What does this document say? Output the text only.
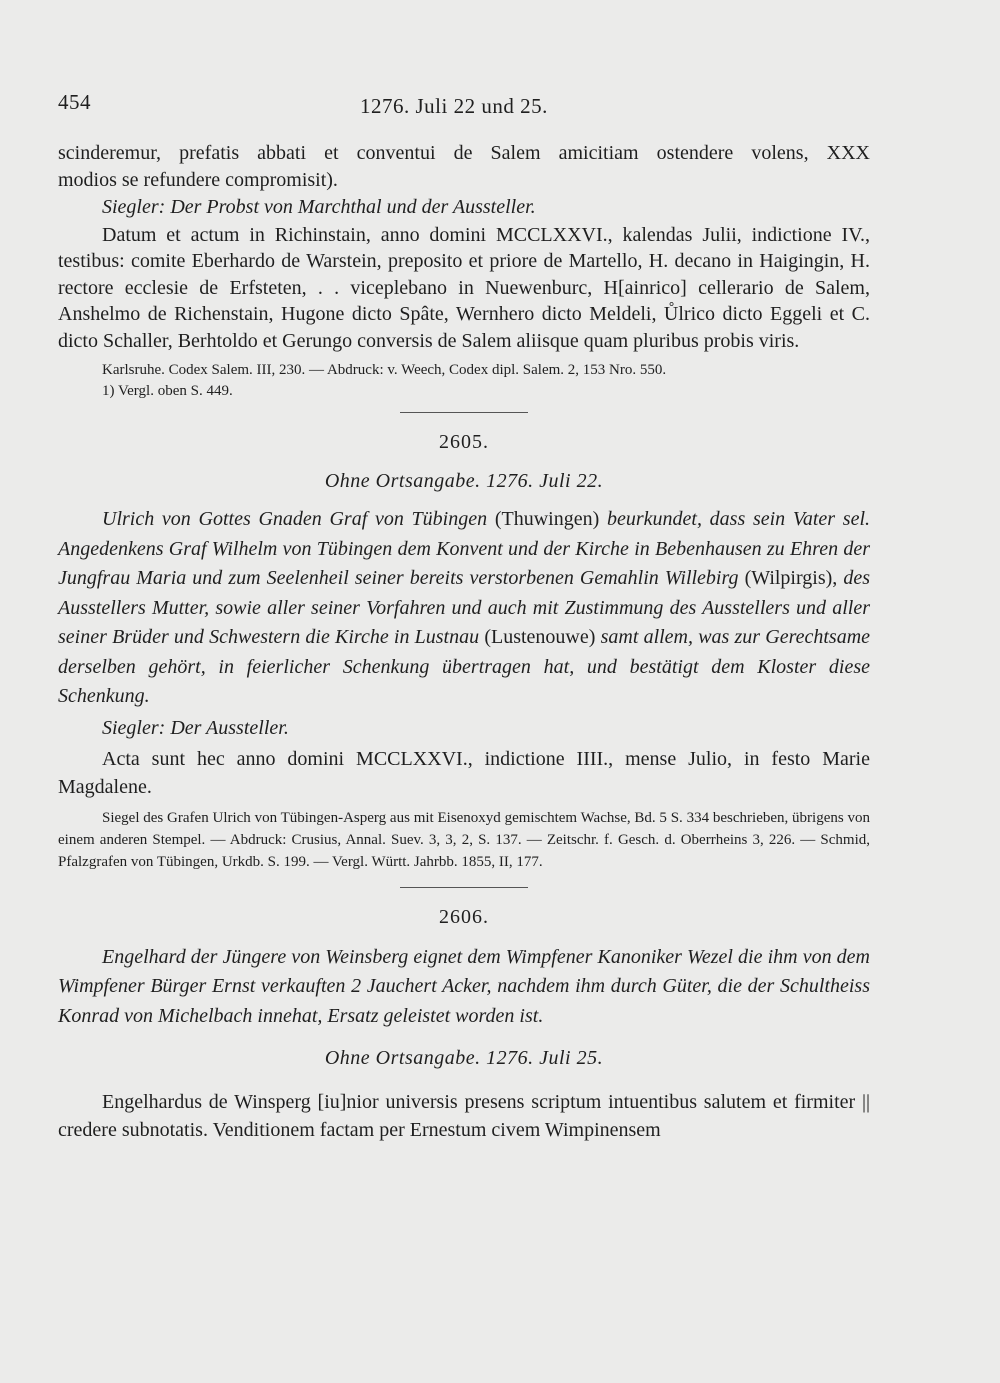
454	1276. Juli 22 und 25.

scinderemur, prefatis abbati et conventui de Salem amicitiam ostendere volens, XXX

modios se refundere compromisit).

Siegler: Der Probst von Marchthal und der Aussteller.

Datum et actum in Richinstain, anno domini MCCLXXVI., kalendas Julii, indictione IV., testibus: comite Eberhardo de Warstein, preposito et priore de Martello, H. decano in Haigingin, H. rectore ecclesie de Erfsteten, . . viceplebano in Nuewenburc, H[ainrico] cellerario de Salem, Anshelmo de Richenstain, Hugone dicto Spâte, Wernhero dicto Meldeli, Ůlrico dicto Eggeli et C. dicto Schaller, Berhtoldo et Gerungo conversis de Salem aliisque quam pluribus probis viris.

Karlsruhe. Codex Salem. III, 230. — Abdruck: v. Weech, Codex dipl. Salem. 2, 153 Nro. 550.

1) Vergl. oben S. 449.

2605.

Ohne Ortsangabe. 1276. Juli 22.

Ulrich von Gottes Gnaden Graf von Tübingen (Thuwingen) beurkundet, dass sein Vater sel. Angedenkens Graf Wilhelm von Tübingen dem Konvent und der Kirche in Bebenhausen zu Ehren der Jungfrau Maria und zum Seelenheil seiner bereits verstorbenen Gemahlin Willebirg (Wilpirgis), des Ausstellers Mutter, sowie aller seiner Vorfahren und auch mit Zustimmung des Ausstellers und aller seiner Brüder und Schwestern die Kirche in Lustnau (Lustenouwe) samt allem, was zur Gerechtsame derselben gehört, in feierlicher Schenkung übertragen hat, und bestätigt dem Kloster diese Schenkung.

Siegler: Der Aussteller.

Acta sunt hec anno domini MCCLXXVI., indictione IIII., mense Julio, in festo Marie Magdalene.

Siegel des Grafen Ulrich von Tübingen-Asperg aus mit Eisenoxyd gemischtem Wachse, Bd. 5 S. 334 beschrieben, übrigens von einem anderen Stempel. — Abdruck: Crusius, Annal. Suev. 3, 3, 2, S. 137. — Zeitschr. f. Gesch. d. Oberrheins 3, 226. — Schmid, Pfalzgrafen von Tübingen, Urkdb. S. 199. — Vergl. Württ. Jahrbb. 1855, II, 177.

2606.

Engelhard der Jüngere von Weinsberg eignet dem Wimpfener Kanoniker Wezel die ihm von dem Wimpfener Bürger Ernst verkauften 2 Jauchert Acker, nachdem ihm durch Güter, die der Schultheiss Konrad von Michelbach innehat, Ersatz geleistet worden ist.

Ohne Ortsangabe. 1276. Juli 25.

Engelhardus de Winsperg [iu]nior universis presens scriptum intuentibus salutem et firmiter || credere subnotatis. Venditionem factam per Ernestum civem Wimpinensem
